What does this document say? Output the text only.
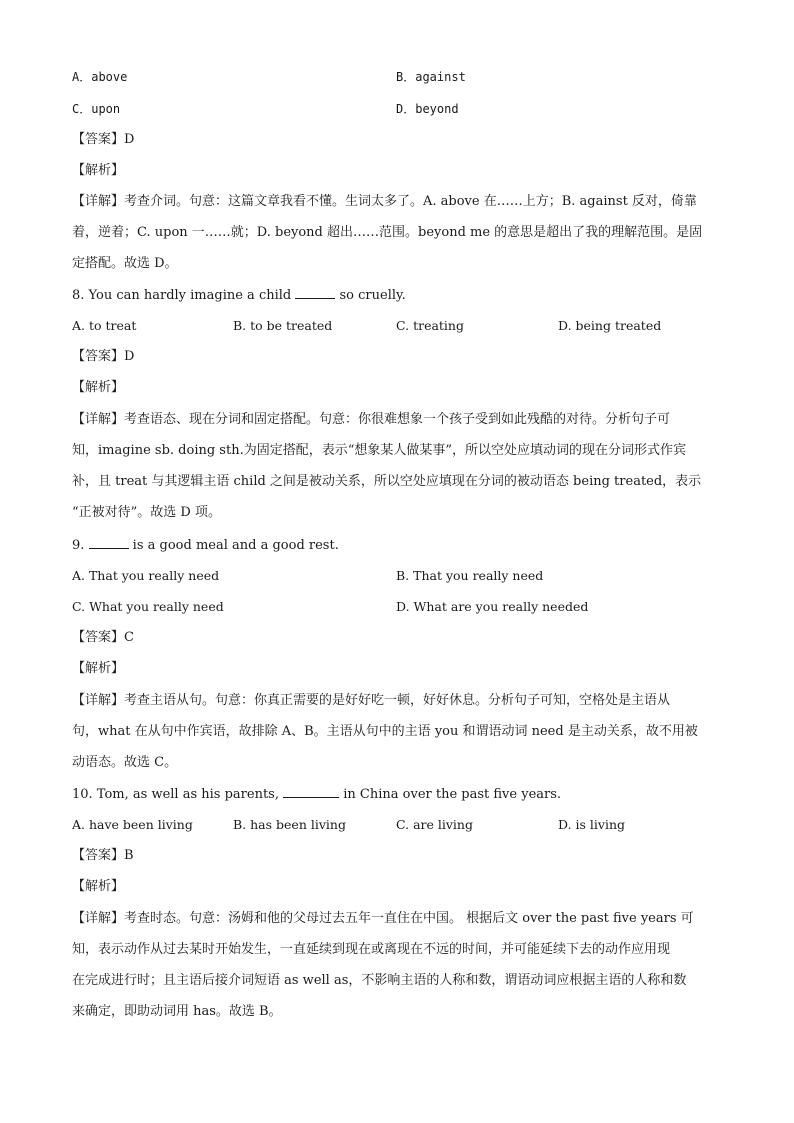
A．above	B．against
C．upon	D．beyond
【答案】D
【解析】
【详解】考查介词。句意：这篇文章我看不懂。生词太多了。A. above 在……上方；B. against 反对，倚靠
着，逆着；C. upon 一……就；D. beyond 超出……范围。beyond me 的意思是超出了我的理解范围。是固
定搭配。故选 D。
8. You can hardly imagine a child	so cruelly.
A. to treat	B. to be treated	C. treating	D. being treated
【答案】D
【解析】
【详解】考查语态、现在分词和固定搭配。句意：你很难想象一个孩子受到如此残酷的对待。分析句子可
知，imagine sb. doing sth.为固定搭配，表示“想象某人做某事”，所以空处应填动词的现在分词形式作宾
补，且 treat 与其逻辑主语 child 之间是被动关系，所以空处应填现在分词的被动语态 being treated，表示
“正被对待”。故选 D 项。
9.	is a good meal and a good rest.
A. That you really need	B. That you really need
C. What you really need	D. What are you really needed
【答案】C
【解析】
【详解】考查主语从句。句意：你真正需要的是好好吃一顿，好好休息。分析句子可知，空格处是主语从
句，what 在从句中作宾语，故排除 A、B。主语从句中的主语 you 和谓语动词 need 是主动关系，故不用被
动语态。故选 C。
10. Tom, as well as his parents,	in China over the past five years.
A. have been living	B. has been living	C. are living	D. is living
【答案】B
【解析】
【详解】考查时态。句意：汤姆和他的父母过去五年一直住在中国。 根据后文 over the past five years 可
知，表示动作从过去某时开始发生，一直延续到现在或离现在不远的时间，并可能延续下去的动作应用现
在完成进行时；且主语后接介词短语 as well as，不影响主语的人称和数，谓语动词应根据主语的人称和数
来确定，即助动词用 has。故选 B。
